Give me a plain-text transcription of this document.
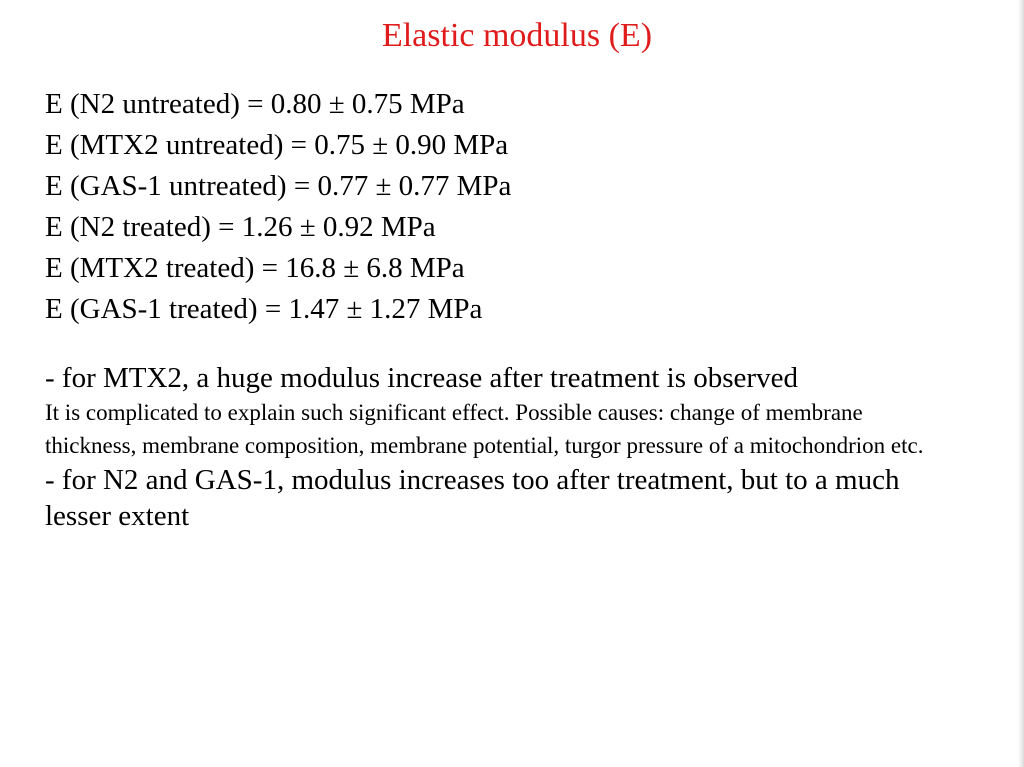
Elastic modulus (E)
E (N2 untreated) = 0.80 ± 0.75 MPa
E (MTX2 untreated) = 0.75 ± 0.90 MPa
E (GAS-1 untreated) = 0.77 ± 0.77 MPa
E (N2 treated) = 1.26 ± 0.92 MPa
E (MTX2 treated) = 16.8 ± 6.8 MPa
E (GAS-1 treated) = 1.47 ± 1.27 MPa

- for MTX2, a huge modulus increase after treatment is observed

It is complicated to explain such significant effect. Possible causes: change of membrane thickness, membrane composition, membrane potential, turgor pressure of a mitochondrion etc.

- for N2 and GAS-1, modulus increases too after treatment, but to a much lesser extent
